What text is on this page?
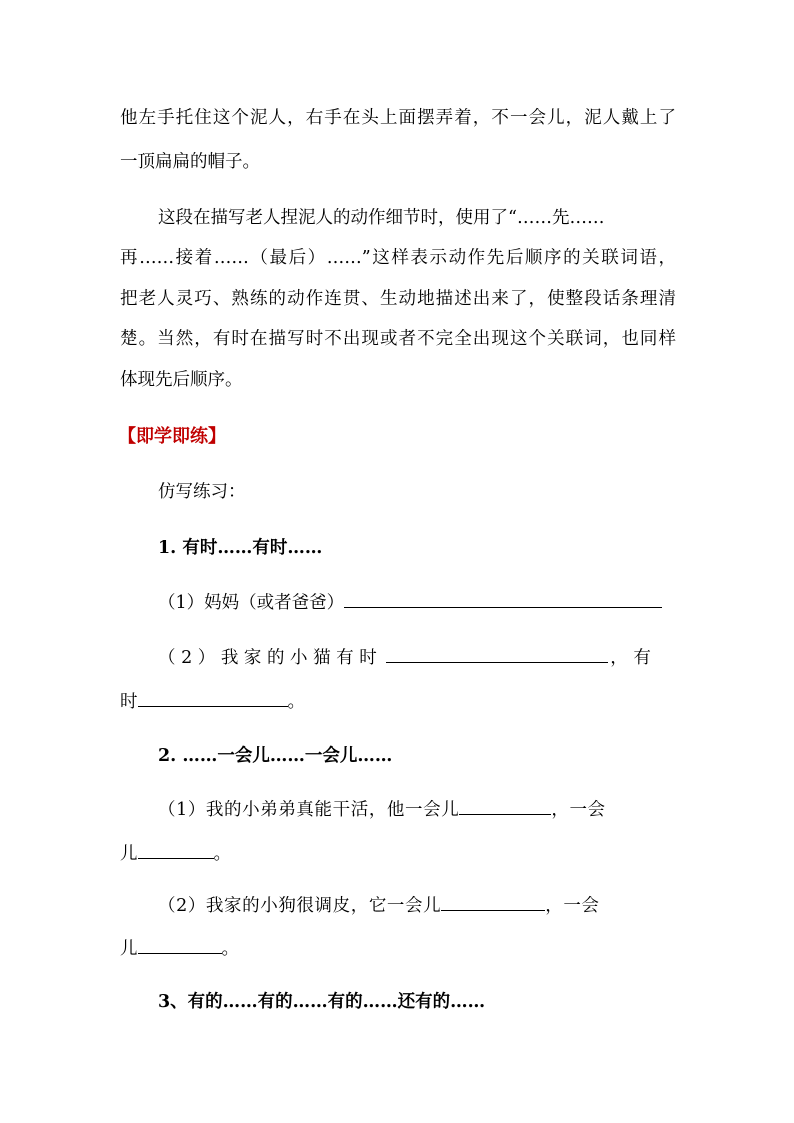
他左手托住这个泥人，右手在头上面摆弄着，不一会儿，泥人戴上了
一顶扁扁的帽子。
这段在描写老人捏泥人的动作细节时，使用了“……先……
再……接着……（最后）……”这样表示动作先后顺序的关联词语，
把老人灵巧、熟练的动作连贯、生动地描述出来了，使整段话条理清
楚。当然，有时在描写时不出现或者不完全出现这个关联词，也同样
体现先后顺序。
【即学即练】
仿写练习：
1. 有时……有时……
（1）妈妈（或者爸爸）
（ 2 ） 我 家 的 小 猫 有 时	， 有
时	。
2. ……一会儿……一会儿……
（1）我的小弟弟真能干活，他一会儿	，一会
儿	。
（2）我家的小狗很调皮，它一会儿	，一会
儿	。
3、有的……有的……有的……还有的……
